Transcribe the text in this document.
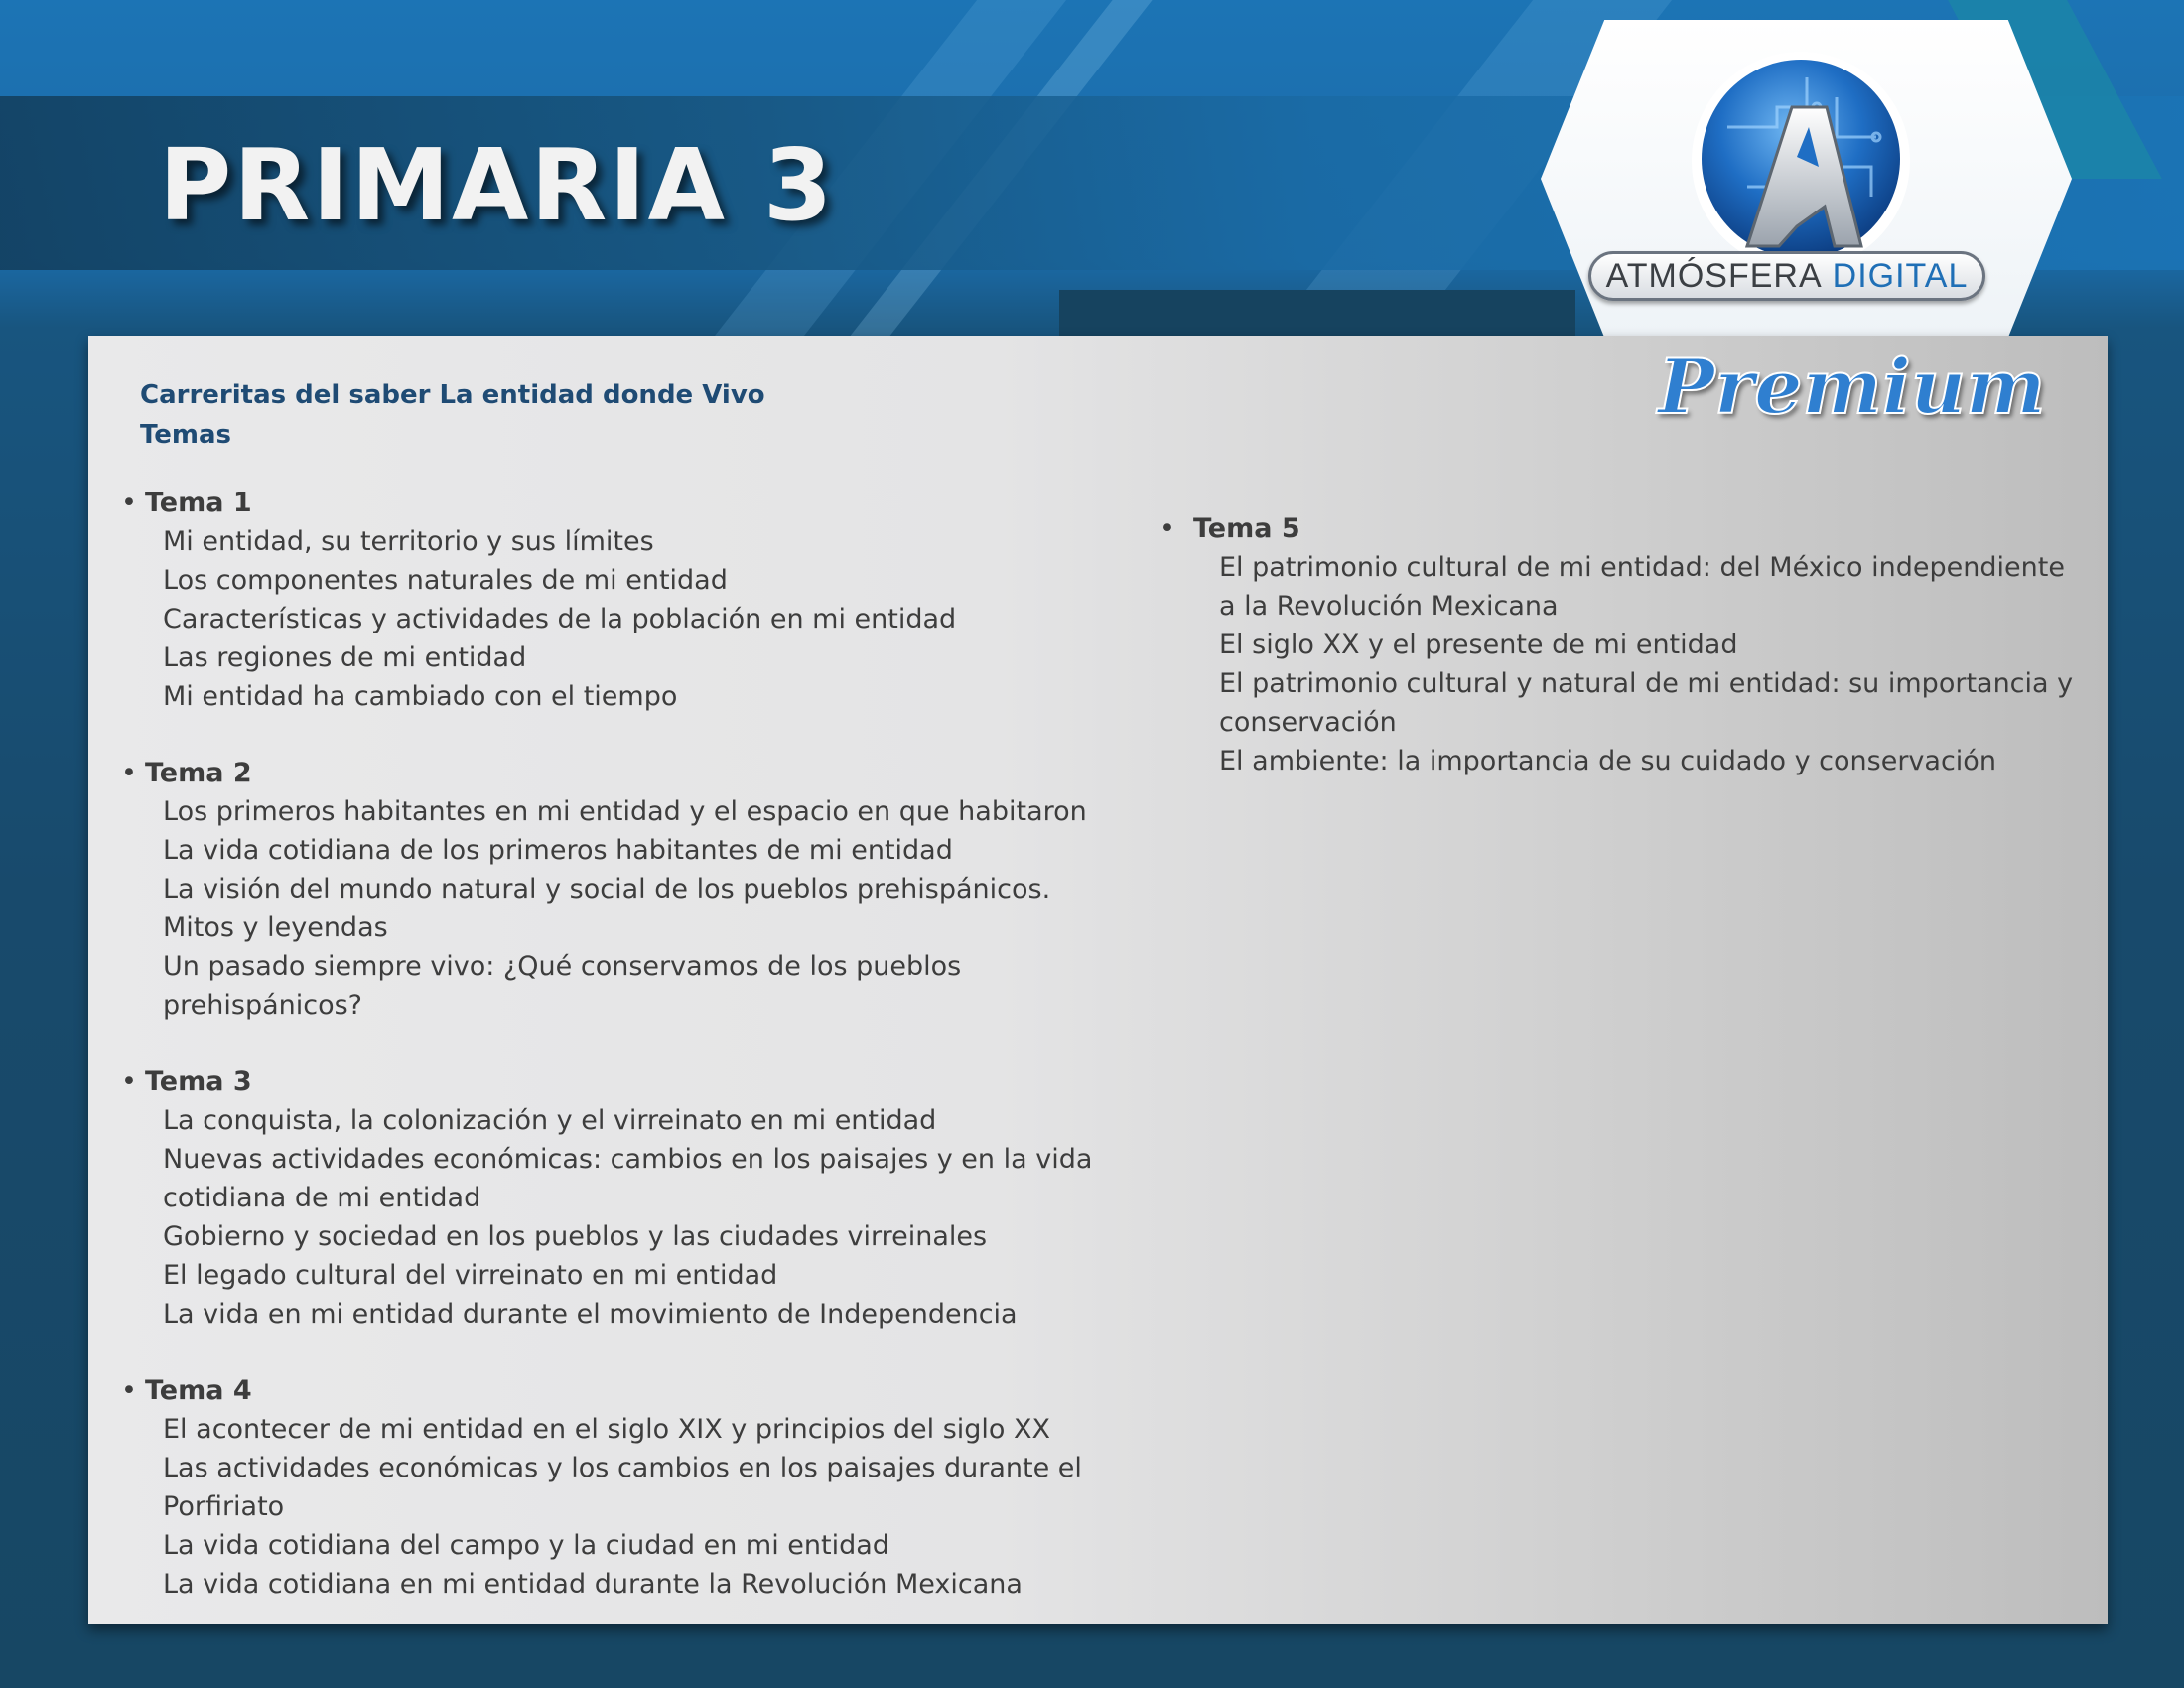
PRIMARIA 3
ATMÓSFERA DIGITAL
Premium
Carreritas del saber La entidad donde Vivo
Temas
• Tema 1
Mi entidad, su territorio y sus límites
Los componentes naturales de mi entidad
Características y actividades de la población en mi entidad
Las regiones de mi entidad
Mi entidad ha cambiado con el tiempo
• Tema 2
Los primeros habitantes en mi entidad y el espacio en que habitaron
La vida cotidiana de los primeros habitantes de mi entidad
La visión del mundo natural y social de los pueblos prehispánicos.
Mitos y leyendas
Un pasado siempre vivo: ¿Qué conservamos de los pueblos prehispánicos?
• Tema 3
La conquista, la colonización y el virreinato en mi entidad
Nuevas actividades económicas: cambios en los paisajes y en la vida cotidiana de mi entidad
Gobierno y sociedad en los pueblos y las ciudades virreinales
El legado cultural del virreinato en mi entidad
La vida en mi entidad durante el movimiento de Independencia
• Tema 4
El acontecer de mi entidad en el siglo XIX y principios del siglo XX
Las actividades económicas y los cambios en los paisajes durante el Porfiriato
La vida cotidiana del campo y la ciudad en mi entidad
La vida cotidiana en mi entidad durante la Revolución Mexicana
• Tema 5
El patrimonio cultural de mi entidad: del México independiente a la Revolución Mexicana
El siglo XX y el presente de mi entidad
El patrimonio cultural y natural de mi entidad: su importancia y conservación
El ambiente: la importancia de su cuidado y conservación
